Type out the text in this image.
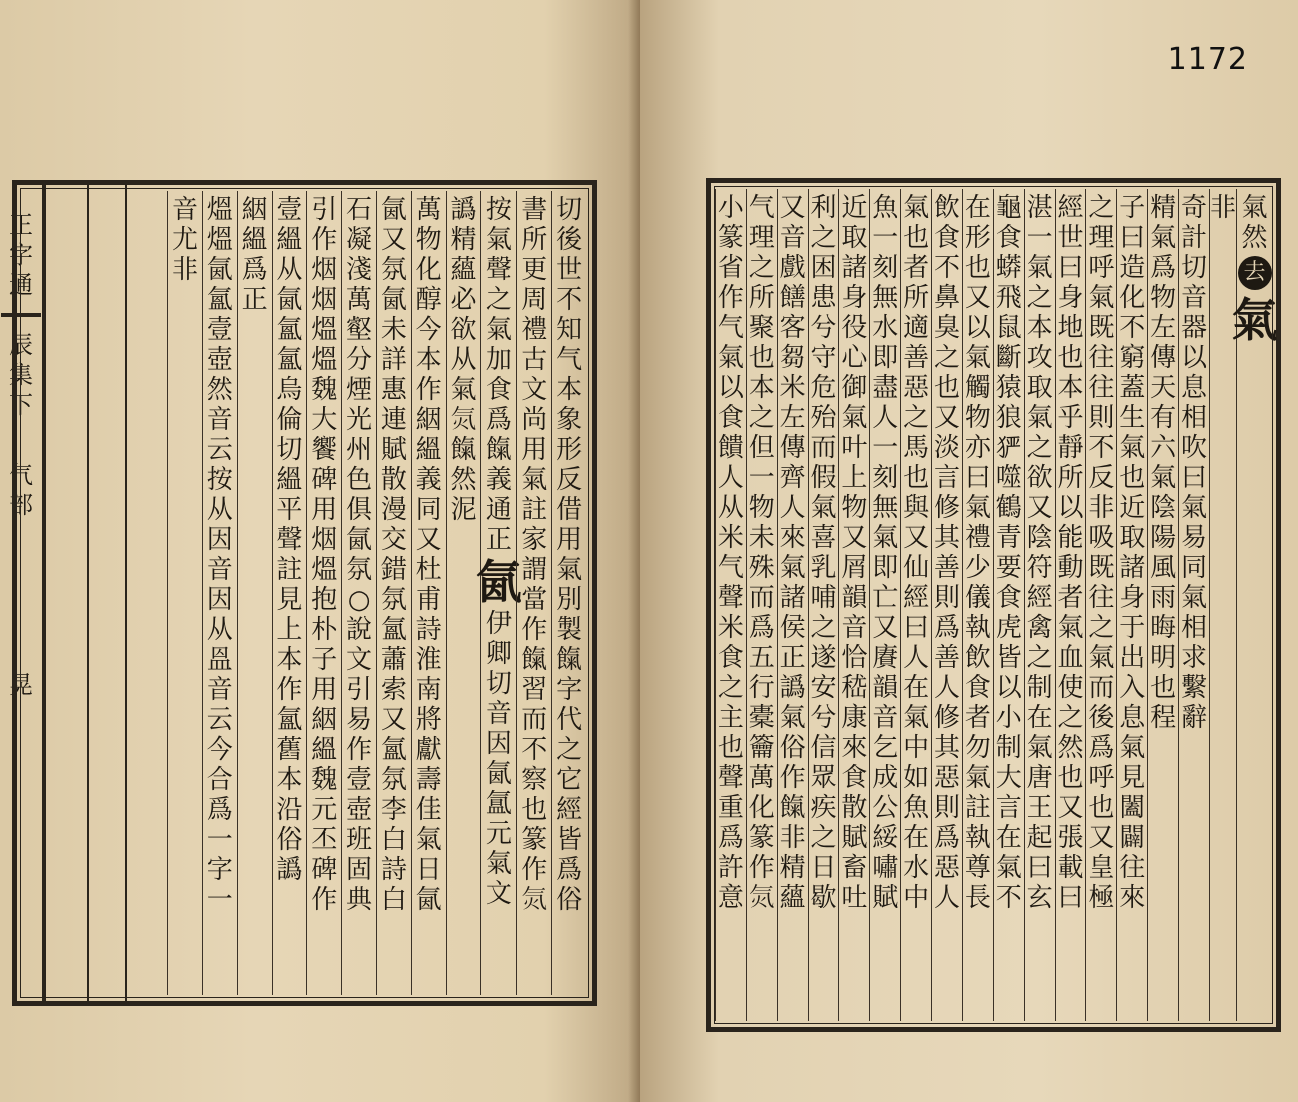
正
字
通
辰
集
下
气
部
晃
切
後
世
不
知
气
本
象
形
反
借
用
氣
別
製
餼
字
代
之
它
經
皆
爲
俗
書
所
更
周
禮
古
文
尚
用
氣
註
家
謂
當
作
餼
習
而
不
察
也
篆
作
𣱛
按
氣
聲
之
氣
加
食
爲
餼
義
通
正
氤
伊
卿
切
音
因
氤
氲
元
氣
文
譌
精
蘊
必
欲
从
氣
𣱛
餼
然
泥
萬
物
化
醇
今
本
作
絪
縕
義
同
又
杜
甫
詩
淮
南
將
獻
壽
佳
氣
日
氤
氤
又
氛
氤
未
詳
惠
連
賦
散
漫
交
錯
氛
氳
蕭
索
又
氳
氛
李
白
詩
白
石
凝
淺
萬
壑
分
煙
光
州
色
俱
氤
氛
○
說
文
引
易
作
壹
壺
班
固
典
引
作
烟
烟
熅
熅
魏
大
饗
碑
用
烟
熅
抱
朴
子
用
絪
縕
魏
元
丕
碑
作
壹
縕
从
氤
氳
氳
烏
倫
切
縕
平
聲
註
見
上
本
作
氳
舊
本
沿
俗
譌
絪
縕
爲
正
熅
熅
氤
氳
壹
壺
然
音
云
按
从
因
音
因
从
𥁕
音
云
今
合
爲
一
字
一
音
尤
非
1172
氣
然
去
氣
非
奇
計
切
音
器
以
息
相
吹
曰
氣
易
同
氣
相
求
繫
辭
精
氣
爲
物
左
傳
天
有
六
氣
陰
陽
風
雨
晦
明
也
程
子
曰
造
化
不
窮
蓋
生
氣
也
近
取
諸
身
于
出
入
息
氣
見
闔
闢
往
來
之
理
呼
氣
既
往
往
則
不
反
非
吸
既
往
之
氣
而
後
爲
呼
也
又
皇
極
經
世
曰
身
地
也
本
乎
靜
所
以
能
動
者
氣
血
使
之
然
也
又
張
載
曰
湛
一
氣
之
本
攻
取
氣
之
欲
又
陰
符
經
禽
之
制
在
氣
唐
王
起
曰
玄
龜
食
蟒
飛
鼠
斷
猿
狼
𤞤
噬
鶴
青
要
食
虎
皆
以
小
制
大
言
在
氣
不
在
形
也
又
以
氣
觸
物
亦
曰
氣
禮
少
儀
執
飲
食
者
勿
氣
註
執
尊
長
飲
食
不
鼻
臭
之
也
又
淡
言
修
其
善
則
爲
善
人
修
其
惡
則
爲
惡
人
氣
也
者
所
適
善
惡
之
馬
也
與
又
仙
經
曰
人
在
氣
中
如
魚
在
水
中
魚
一
刻
無
水
即
盡
人
一
刻
無
氣
即
亡
又
賡
韻
音
乞
成
公
綏
嘯
賦
近
取
諸
身
役
心
御
氣
叶
上
物
又
屑
韻
音
恰
嵇
康
來
食
散
賦
畜
吐
利
之
困
患
兮
守
危
殆
而
假
氣
喜
乳
哺
之
遂
安
兮
信
眾
疾
之
日
歇
又
音
戲
饍
客
芻
米
左
傳
齊
人
來
氣
諸
侯
正
譌
氣
俗
作
餼
非
精
蘊
气
理
之
所
聚
也
本
之
但
一
物
未
殊
而
爲
五
行
橐
籥
萬
化
篆
作
𣱛
小
篆
省
作
气
氣
以
食
饋
人
从
米
气
聲
米
食
之
主
也
聲
重
爲
許
意
